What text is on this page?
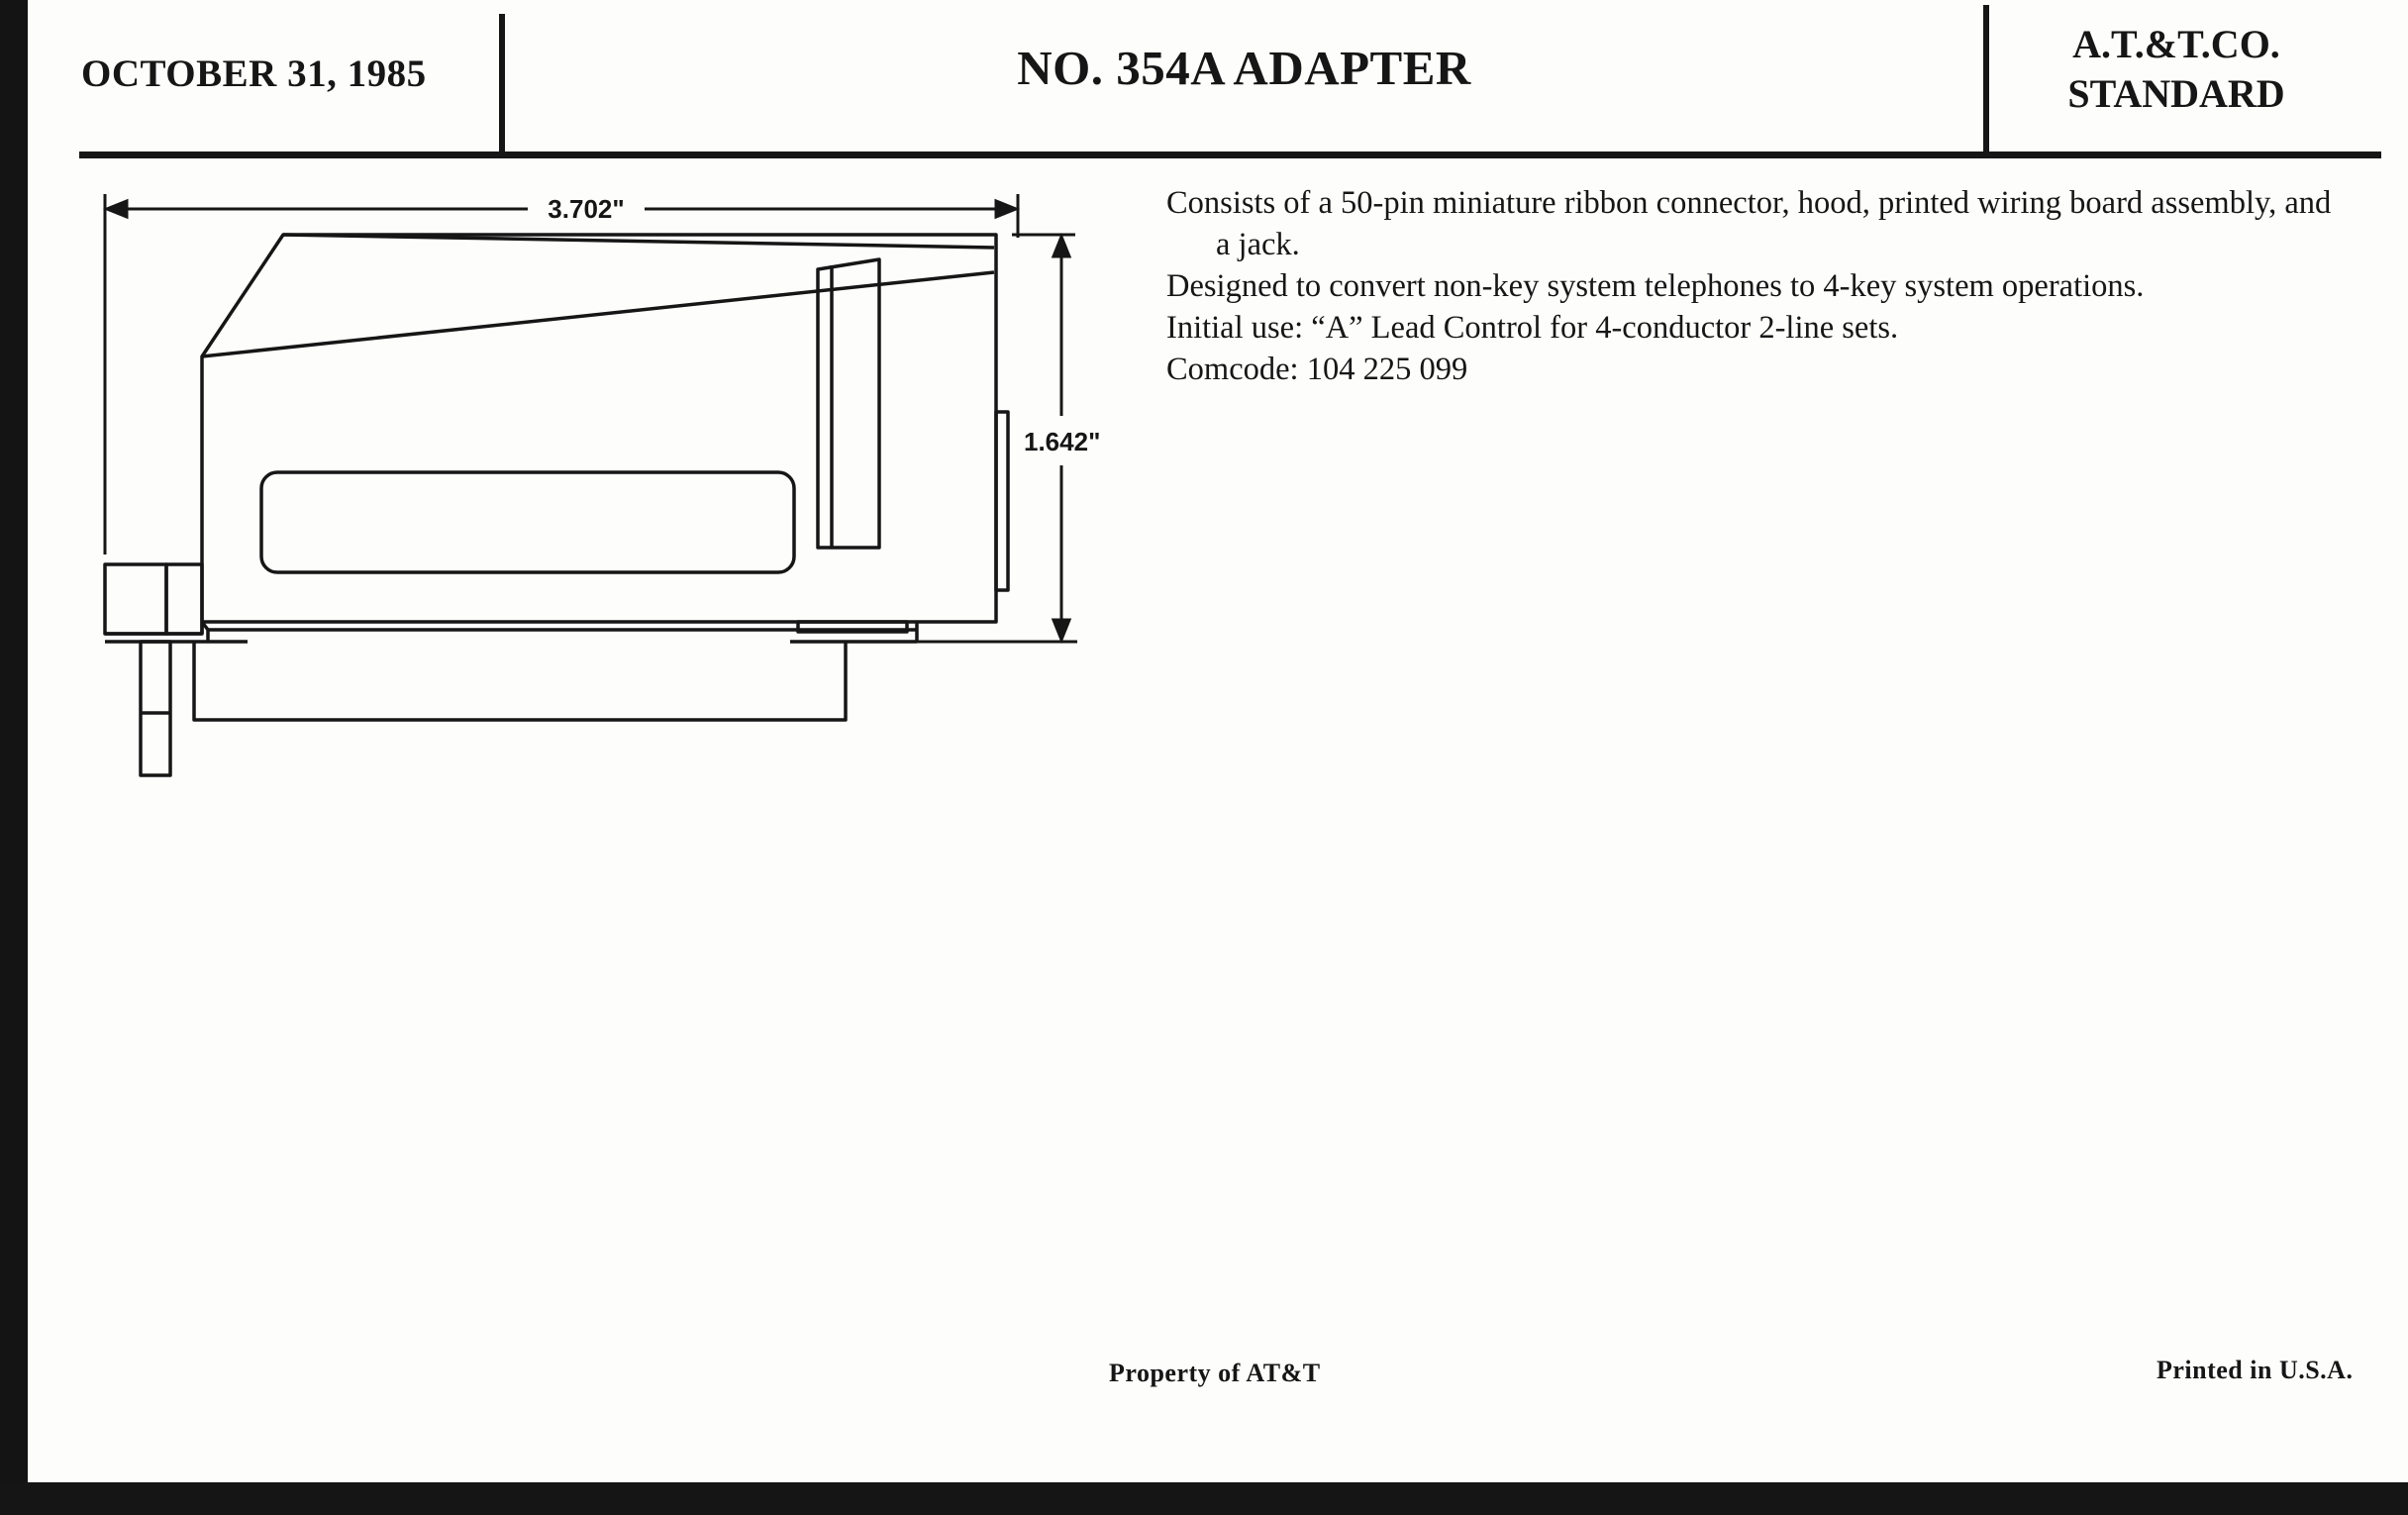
OCTOBER 31, 1985	NO. 354A ADAPTER	A.T.&T.CO.
STANDARD
3.702"
1.642"

Consists of a 50-pin miniature ribbon connector, hood, printed wiring board assembly, and a jack.

Designed to convert non-key system telephones to 4-key system operations.

Initial use: “A” Lead Control for 4-conductor 2-line sets.

Comcode: 104 225 099

Property of AT&T	Printed in U.S.A.
